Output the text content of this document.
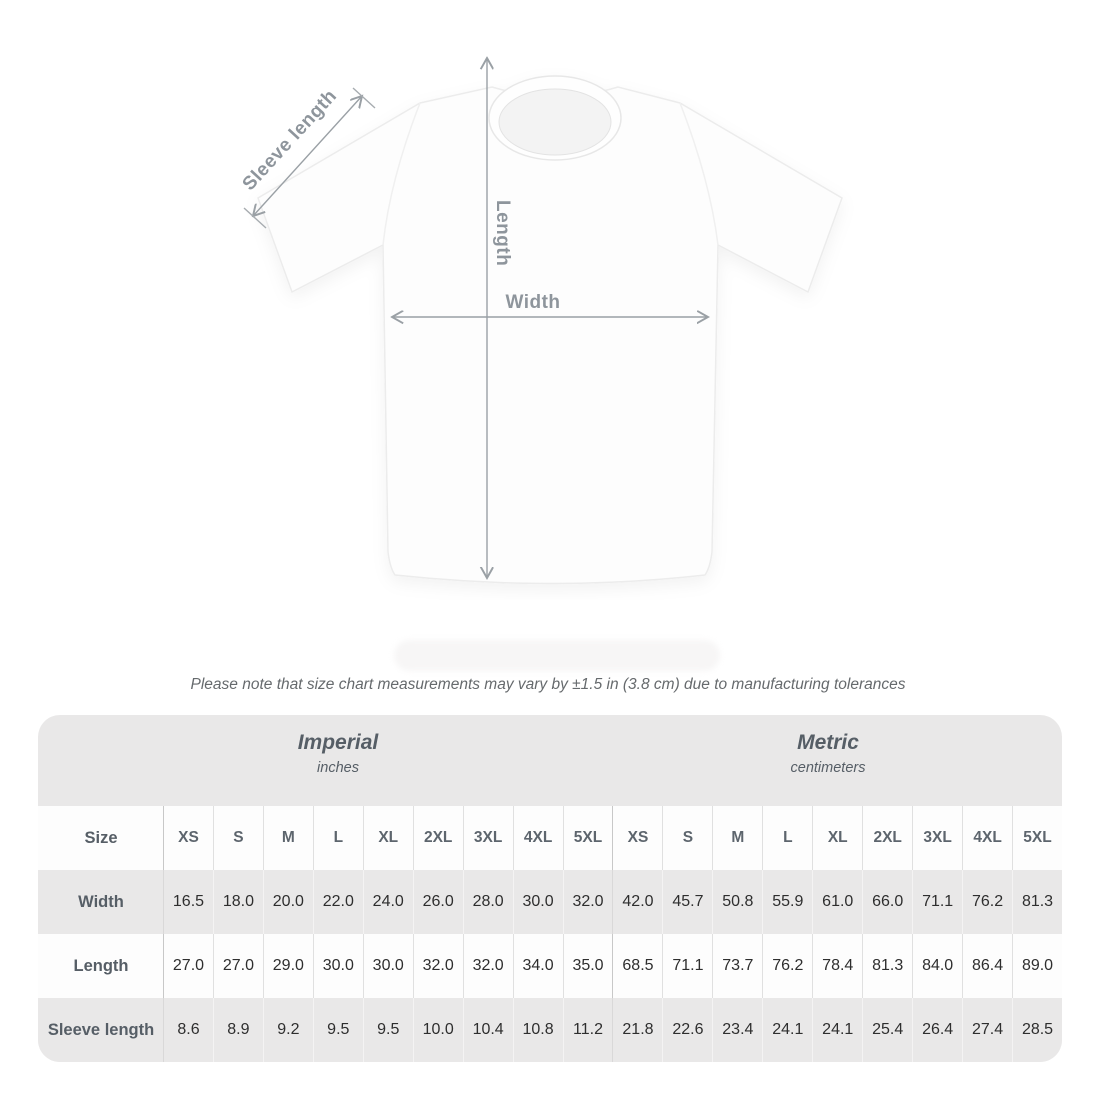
Length
Width
Sleeve length
Please note that size chart measurements may vary by ±1.5 in (3.8 cm) due to manufacturing tolerances
Imperial
inches
Metric
centimeters
Size	XS	S	M	L	XL	2XL	3XL	4XL	5XL	XS	S	M	L	XL	2XL	3XL	4XL	5XL
Width	16.5	18.0	20.0	22.0	24.0	26.0	28.0	30.0	32.0	42.0	45.7	50.8	55.9	61.0	66.0	71.1	76.2	81.3
Length	27.0	27.0	29.0	30.0	30.0	32.0	32.0	34.0	35.0	68.5	71.1	73.7	76.2	78.4	81.3	84.0	86.4	89.0
Sleeve length	8.6	8.9	9.2	9.5	9.5	10.0	10.4	10.8	11.2	21.8	22.6	23.4	24.1	24.1	25.4	26.4	27.4	28.5
